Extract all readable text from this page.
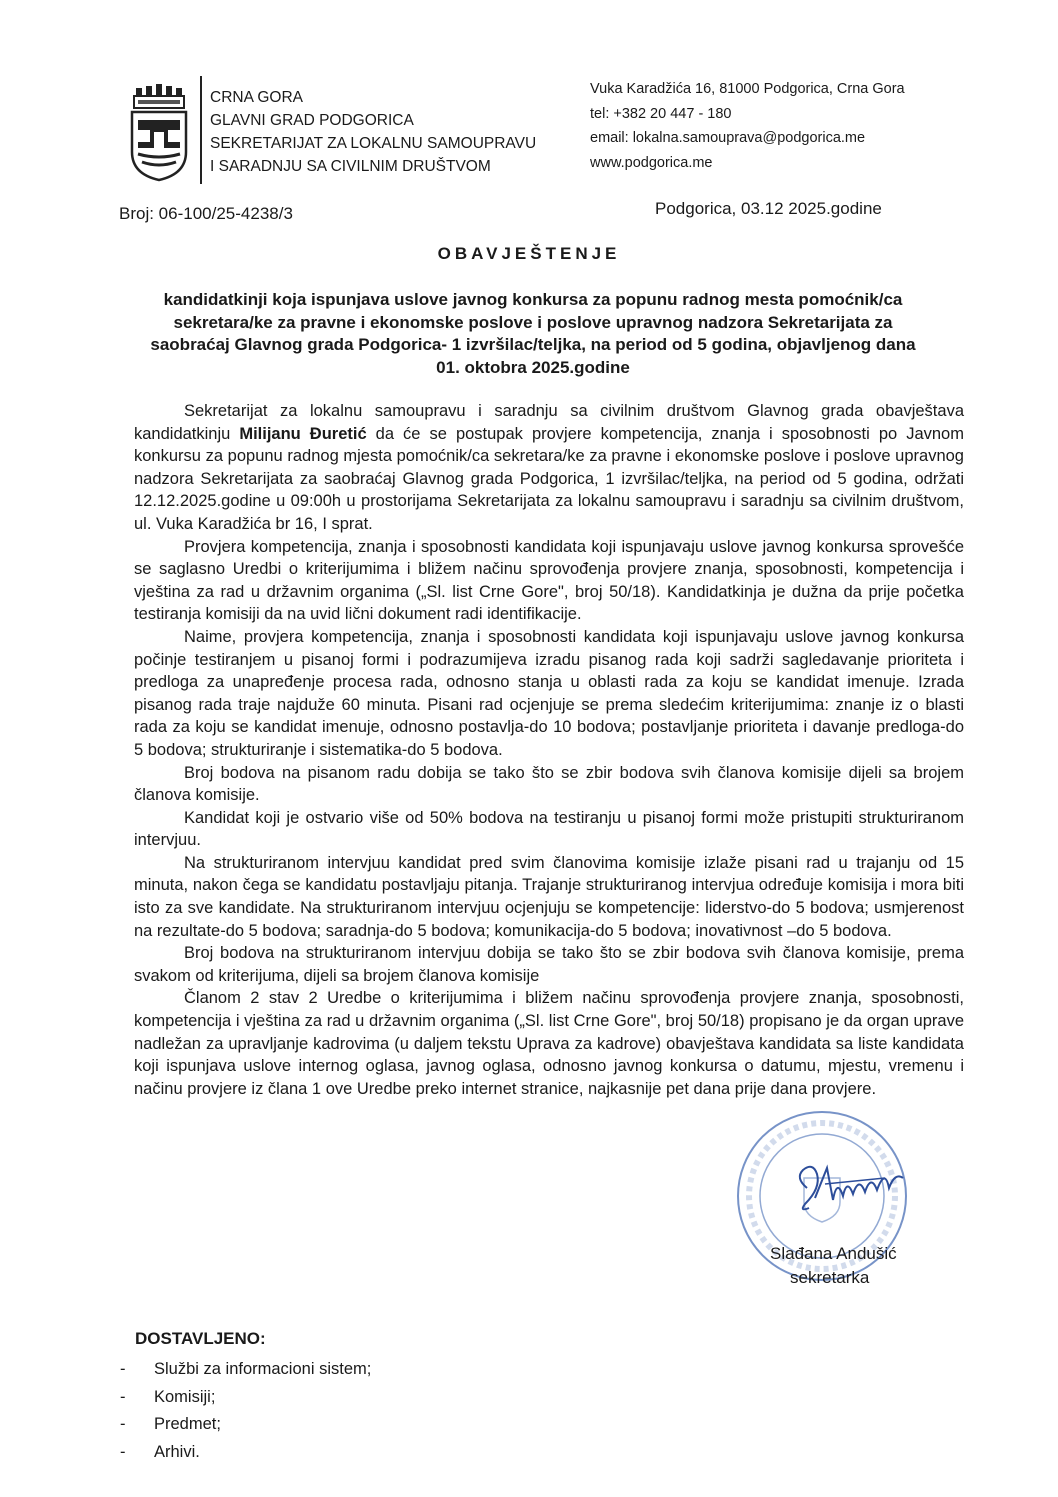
CRNA GORA
GLAVNI GRAD PODGORICA
SEKRETARIJAT ZA LOKALNU SAMOUPRAVU
I SARADNJU SA CIVILNIM DRUŠTVOM
Vuka Karadžića 16, 81000 Podgorica, Crna Gora
tel: +382 20 447 - 180
email: lokalna.samouprava@podgorica.me
www.podgorica.me
Broj: 06-100/25-4238/3	Podgorica, 03.12 2025.godine
OBAVJEŠTENJE
kandidatkinji koja ispunjava uslove javnog konkursa za popunu radnog mesta pomoćnik/ca sekretara/ke za pravne i ekonomske poslove i poslove upravnog nadzora Sekretarijata za saobraćaj Glavnog grada Podgorica- 1 izvršilac/teljka, na period od 5 godina, objavljenog dana 01. oktobra 2025.godine

Sekretarijat za lokalnu samoupravu i saradnju sa civilnim društvom Glavnog grada obavještava kandidatkinju Milijanu Đuretić da će se postupak provjere kompetencija, znanja i sposobnosti po Javnom konkursu za popunu radnog mjesta pomoćnik/ca sekretara/ke za pravne i ekonomske poslove i poslove upravnog nadzora Sekretarijata za saobraćaj Glavnog grada Podgorica, 1 izvršilac/teljka, na period od 5 godina, održati 12.12.2025.godine u 09:00h u prostorijama Sekretarijata za lokalnu samoupravu i saradnju sa civilnim društvom, ul. Vuka Karadžića br 16, I sprat.

Provjera kompetencija, znanja i sposobnosti kandidata koji ispunjavaju uslove javnog konkursa sprovešće se saglasno Uredbi o kriterijumima i bližem načinu sprovođenja provjere znanja, sposobnosti, kompetencija i vještina za rad u državnim organima („Sl. list Crne Gore", broj 50/18). Kandidatkinja je dužna da prije početka testiranja komisiji da na uvid lični dokument radi identifikacije.

Naime, provjera kompetencija, znanja i sposobnosti kandidata koji ispunjavaju uslove javnog konkursa počinje testiranjem u pisanoj formi i podrazumijeva izradu pisanog rada koji sadrži sagledavanje prioriteta i predloga za unapređenje procesa rada, odnosno stanja u oblasti rada za koju se kandidat imenuje. Izrada pisanog rada traje najduže 60 minuta. Pisani rad ocjenjuje se prema sledećim kriterijumima: znanje iz o blasti rada za koju se kandidat imenuje, odnosno postavlja-do 10 bodova; postavljanje prioriteta i davanje predloga-do 5 bodova; strukturiranje i sistematika-do 5 bodova.

Broj bodova na pisanom radu dobija se tako što se zbir bodova svih članova komisije dijeli sa brojem članova komisije.

Kandidat koji je ostvario više od 50% bodova na testiranju u pisanoj formi može pristupiti strukturiranom intervjuu.

Na strukturiranom intervjuu kandidat pred svim članovima komisije izlaže pisani rad u trajanju od 15 minuta, nakon čega se kandidatu postavljaju pitanja. Trajanje strukturiranog intervjua određuje komisija i mora biti isto za sve kandidate. Na strukturiranom intervjuu ocjenjuju se kompetencije: liderstvo-do 5 bodova; usmjerenost na rezultate-do 5 bodova; saradnja-do 5 bodova; komunikacija-do 5 bodova; inovativnost –do 5 bodova.

Broj bodova na strukturiranom intervjuu dobija se tako što se zbir bodova svih članova komisije, prema svakom od kriterijuma, dijeli sa brojem članova komisije

Članom 2 stav 2 Uredbe o kriterijumima i bližem načinu sprovođenja provjere znanja, sposobnosti, kompetencija i vještina za rad u državnim organima („Sl. list Crne Gore", broj 50/18) propisano je da organ uprave nadležan za upravljanje kadrovima (u daljem tekstu Uprava za kadrove) obavještava kandidata sa liste kandidata koji ispunjava uslove internog oglasa, javnog oglasa, odnosno javnog konkursa o datumu, mjestu, vremenu i načinu provjere iz člana 1 ove Uredbe preko internet stranice, najkasnije pet dana prije dana provjere.

Slađana Andušić
sekretarka
DOSTAVLJENO:
- Službi za informacioni sistem;
- Komisiji;
- Predmet;
- Arhivi.
